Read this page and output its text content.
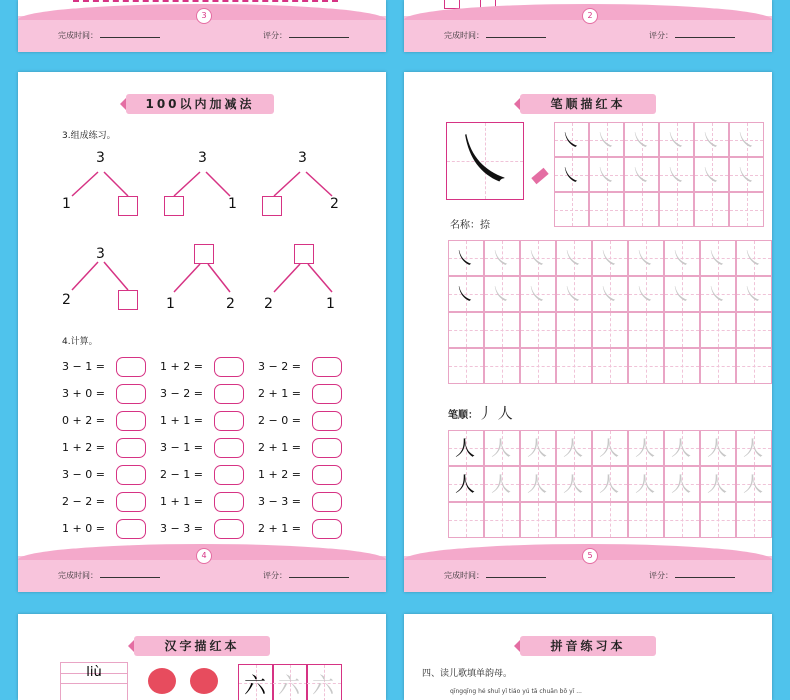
3
完成时间：	评分：
2
完成时间：	评分：
100以内加减法
3.组成练习。
3
1
3
1
3
2
3
2	1	2 2	1
4.计算。
3 − 1 =	1 + 2 =	3 − 2 =
3 + 0 =	3 − 2 =	2 + 1 =
0 + 2 =	1 + 1 =	2 − 0 =
1 + 2 =	3 − 1 =	2 + 1 =
3 − 0 =	2 − 1 =	1 + 2 =
2 − 2 =	1 + 1 =	3 − 3 =
1 + 0 =	3 − 3 =	2 + 1 =
4
完成时间：	评分：
笔顺描红本
㇏ ㇏ ㇏ ㇏ ㇏ ㇏ ㇏
㇏ ㇏ ㇏ ㇏ ㇏ ㇏
名称：捺
㇏ ㇏ ㇏ ㇏ ㇏ ㇏ ㇏ ㇏ ㇏
㇏ ㇏ ㇏ ㇏ ㇏ ㇏ ㇏ ㇏ ㇏
笔顺：丿 人
人 人 人 人 人 人 人 人 人
人 人 人 人 人 人 人 人 人
5
完成时间：	评分：
汉字描红本
liù
六 六 六
拼音练习本
四、读儿歌填单韵母。
qīngqīng hé shuǐ yǐ tiáo yú tā chuān bō yī ...
